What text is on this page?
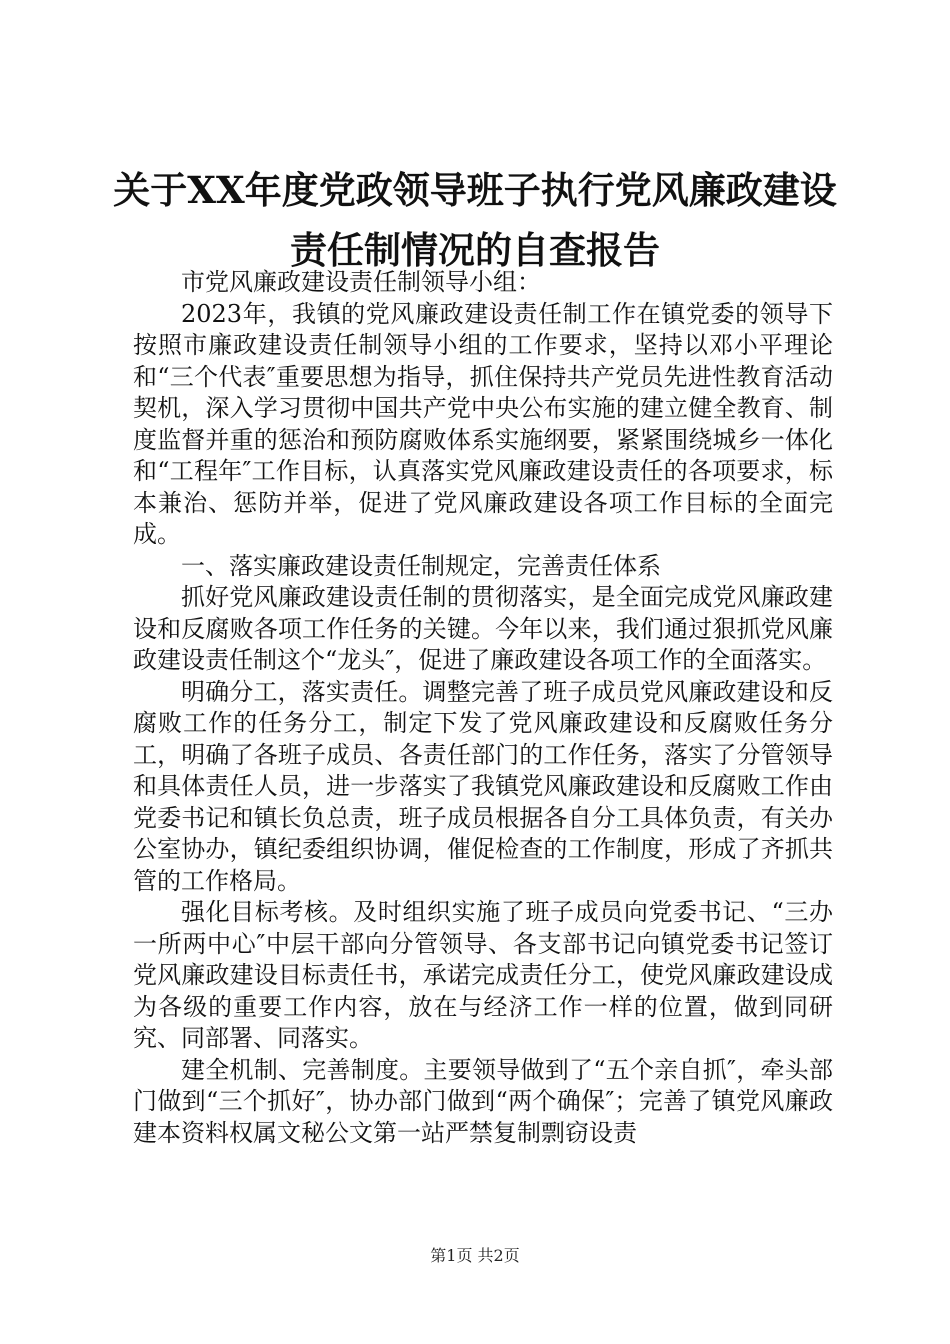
关于XX年度党政领导班子执行党风廉政建设
责任制情况的自查报告

市党风廉政建设责任制领导小组：

2023年，我镇的党风廉政建设责任制工作在镇党委的领导下按照市廉政建设责任制领导小组的工作要求，坚持以邓小平理论和“三个代表″重要思想为指导，抓住保持共产党员先进性教育活动契机，深入学习贯彻中国共产党中央公布实施的建立健全教育、制度监督并重的惩治和预防腐败体系实施纲要，紧紧围绕城乡一体化和“工程年″工作目标，认真落实党风廉政建设责任的各项要求，标本兼治、惩防并举，促进了党风廉政建设各项工作目标的全面完成。

一、落实廉政建设责任制规定，完善责任体系

抓好党风廉政建设责任制的贯彻落实，是全面完成党风廉政建设和反腐败各项工作任务的关键。今年以来，我们通过狠抓党风廉政建设责任制这个“龙头″，促进了廉政建设各项工作的全面落实。

明确分工，落实责任。调整完善了班子成员党风廉政建设和反腐败工作的任务分工，制定下发了党风廉政建设和反腐败任务分工，明确了各班子成员、各责任部门的工作任务，落实了分管领导和具体责任人员，进一步落实了我镇党风廉政建设和反腐败工作由党委书记和镇长负总责，班子成员根据各自分工具体负责，有关办公室协办，镇纪委组织协调，催促检查的工作制度，形成了齐抓共管的工作格局。

强化目标考核。及时组织实施了班子成员向党委书记、“三办一所两中心″中层干部向分管领导、各支部书记向镇党委书记签订党风廉政建设目标责任书，承诺完成责任分工，使党风廉政建设成为各级的重要工作内容，放在与经济工作一样的位置，做到同研究、同部署、同落实。

建全机制、完善制度。主要领导做到了“五个亲自抓″，牵头部门做到“三个抓好″，协办部门做到“两个确保″；完善了镇党风廉政建本资料权属文秘公文第一站严禁复制剽窃设责

第1页 共2页
